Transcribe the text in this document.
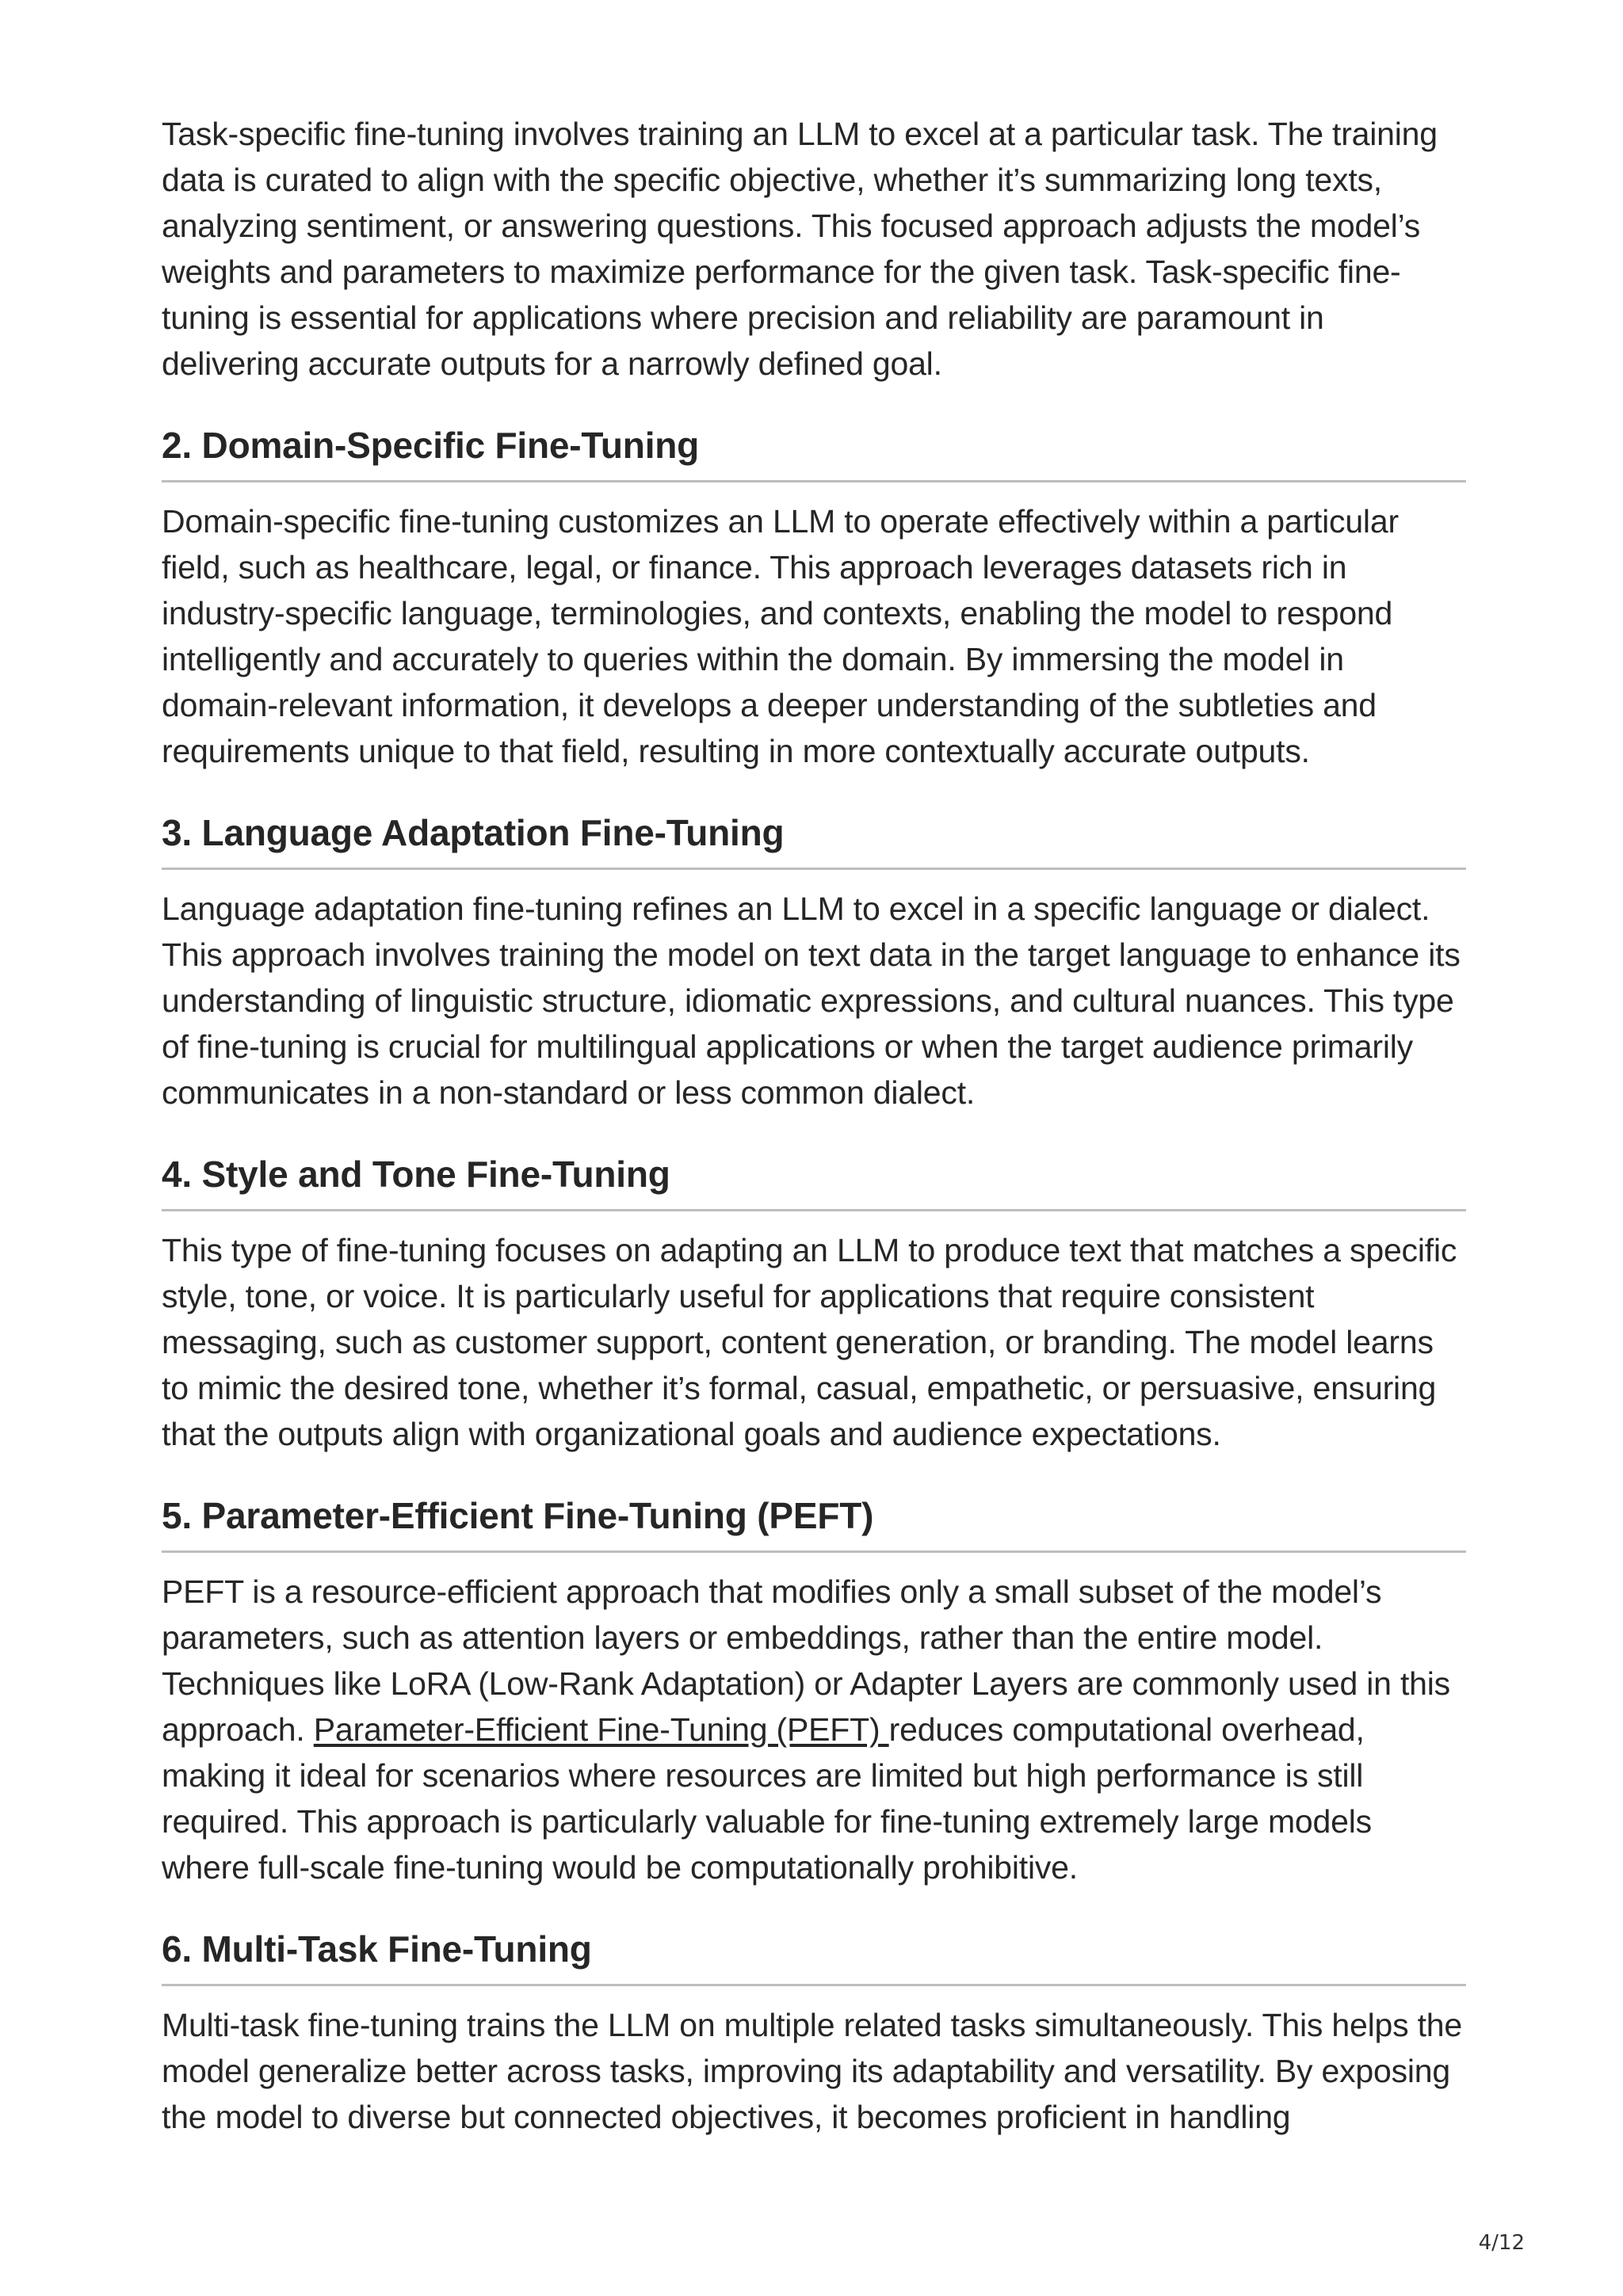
Task-specific fine-tuning involves training an LLM to excel at a particular task. The training data is curated to align with the specific objective, whether it’s summarizing long texts, analyzing sentiment, or answering questions. This focused approach adjusts the model’s weights and parameters to maximize performance for the given task. Task-specific fine-tuning is essential for applications where precision and reliability are paramount in delivering accurate outputs for a narrowly defined goal.

2. Domain-Specific Fine-Tuning

Domain-specific fine-tuning customizes an LLM to operate effectively within a particular field, such as healthcare, legal, or finance. This approach leverages datasets rich in industry-specific language, terminologies, and contexts, enabling the model to respond intelligently and accurately to queries within the domain. By immersing the model in domain-relevant information, it develops a deeper understanding of the subtleties and requirements unique to that field, resulting in more contextually accurate outputs.

3. Language Adaptation Fine-Tuning

Language adaptation fine-tuning refines an LLM to excel in a specific language or dialect. This approach involves training the model on text data in the target language to enhance its understanding of linguistic structure, idiomatic expressions, and cultural nuances. This type of fine-tuning is crucial for multilingual applications or when the target audience primarily communicates in a non-standard or less common dialect.

4. Style and Tone Fine-Tuning

This type of fine-tuning focuses on adapting an LLM to produce text that matches a specific style, tone, or voice. It is particularly useful for applications that require consistent messaging, such as customer support, content generation, or branding. The model learns to mimic the desired tone, whether it’s formal, casual, empathetic, or persuasive, ensuring that the outputs align with organizational goals and audience expectations.

5. Parameter-Efficient Fine-Tuning (PEFT)

PEFT is a resource-efficient approach that modifies only a small subset of the model’s parameters, such as attention layers or embeddings, rather than the entire model. Techniques like LoRA (Low-Rank Adaptation) or Adapter Layers are commonly used in this approach. Parameter-Efficient Fine-Tuning (PEFT) reduces computational overhead, making it ideal for scenarios where resources are limited but high performance is still required. This approach is particularly valuable for fine-tuning extremely large models where full-scale fine-tuning would be computationally prohibitive.

6. Multi-Task Fine-Tuning

Multi-task fine-tuning trains the LLM on multiple related tasks simultaneously. This helps the model generalize better across tasks, improving its adaptability and versatility. By exposing the model to diverse but connected objectives, it becomes proficient in handling

4/12
